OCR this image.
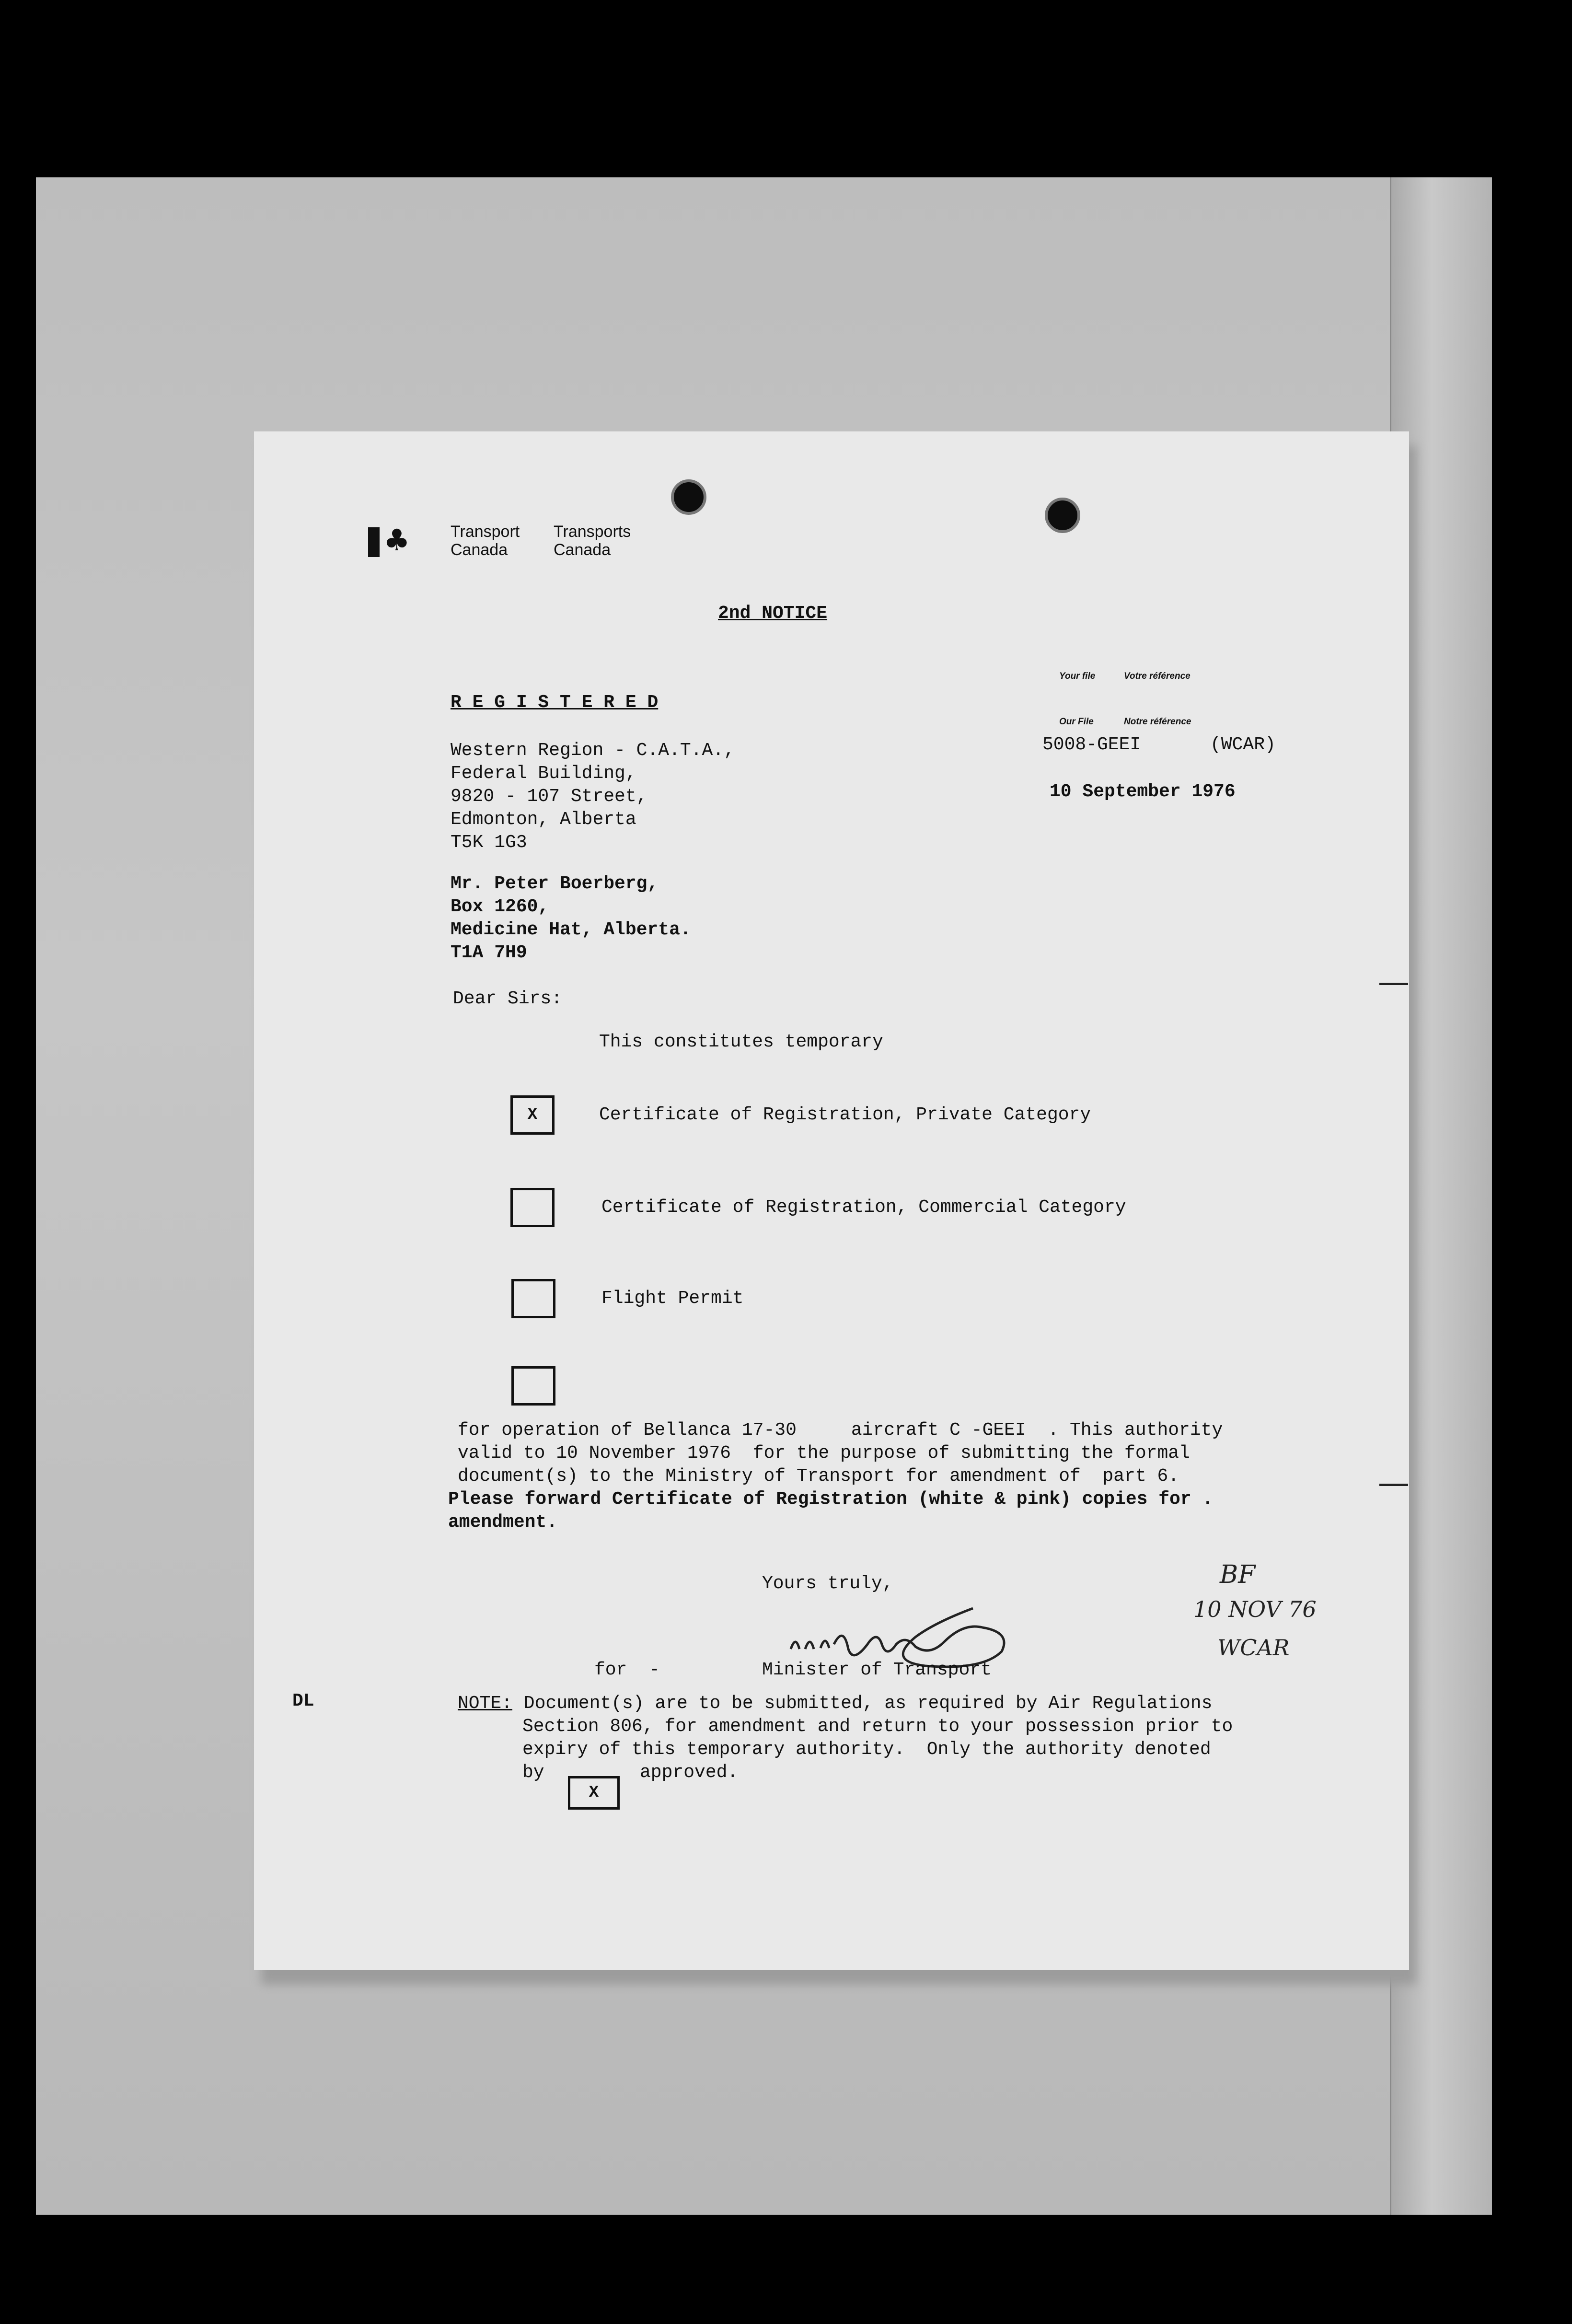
♣ Transport
Canada
Transports
Canada
2nd NOTICE
Your file	Votre référence
Our File	Notre référence
5008-GEEI	(WCAR)
10 September 1976
R E G I S T E R E D
Western Region - C.A.T.A.,
Federal Building,
9820 - 107 Street,
Edmonton, Alberta
T5K 1G3
Mr. Peter Boerberg,
Box 1260,
Medicine Hat, Alberta.
T1A 7H9
Dear Sirs:
This constitutes temporary
X	Certificate of Registration, Private Category
Certificate of Registration, Commercial Category
Flight Permit
for operation of Bellanca 17-30     aircraft C -GEEI  . This authority
valid to 10 November 1976  for the purpose of submitting the formal
document(s) to the Ministry of Transport for amendment of  part 6.
Please forward Certificate of Registration (white & pink) copies for .
amendment.
Yours truly,
for  -	Minister of Transport
BF
10 NOV 76
WCAR
DL	NOTE: Document(s) are to be submitted, as required by Air Regulations
Section 806, for amendment and return to your possession prior to
expiry of this temporary authority.  Only the authority denoted
by
X
approved.
